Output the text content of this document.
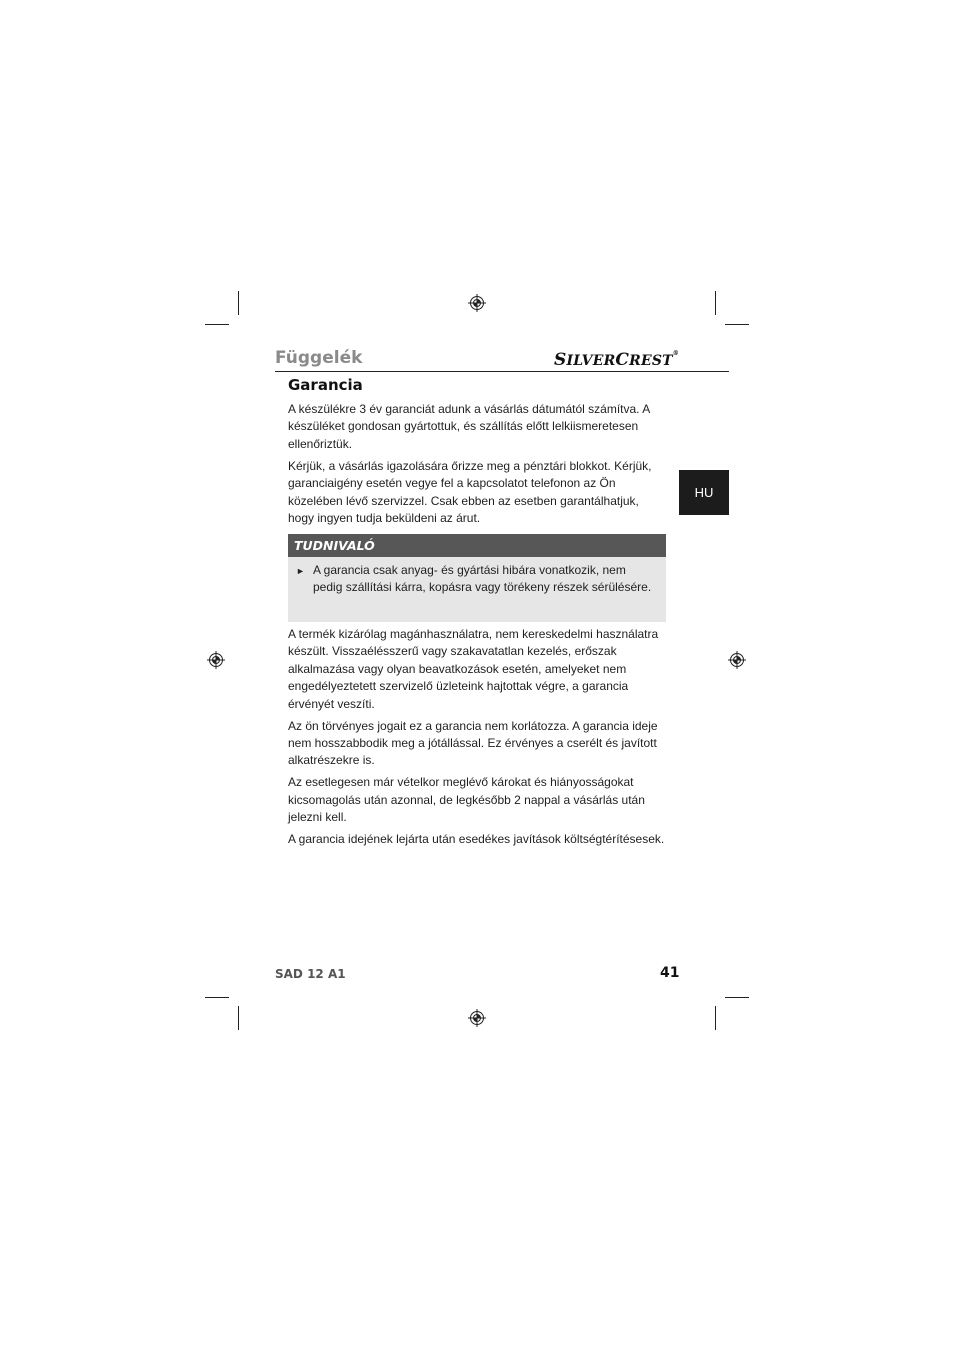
Függelék	SILVERCREST®
Garancia
HU

A készülékre 3 év garanciát adunk a vásárlás dátumától számítva. A készüléket gondosan gyártottuk, és szállítás előtt lelkiismeretesen ellenőriztük.

Kérjük, a vásárlás igazolására őrizze meg a pénztári blokkot. Kérjük, garanciaigény esetén vegye fel a kapcsolatot telefonon az Ön közelében lévő szervizzel. Csak ebben az esetben garantálhatjuk, hogy ingyen tudja beküldeni az árut.

TUDNIVALÓ
► A garancia csak anyag- és gyártási hibára vonatkozik, nem pedig szállítási kárra, kopásra vagy törékeny részek sérülésére.

A termék kizárólag magánhasználatra, nem kereskedelmi használatra készült. Visszaélésszerű vagy szakavatatlan kezelés, erőszak alkalmazása vagy olyan beavatkozások esetén, amelyeket nem engedélyeztetett szervizelő üzleteink hajtottak végre, a garancia érvényét veszíti.

Az ön törvényes jogait ez a garancia nem korlátozza. A garancia ideje nem hosszabbodik meg a jótállással. Ez érvényes a cserélt és javított alkatrészekre is.

Az esetlegesen már vételkor meglévő károkat és hiányosságokat kicsomagolás után azonnal, de legkésőbb 2 nappal a vásárlás után jelezni kell.

A garancia idejének lejárta után esedékes javítások költségtérítésesek.

SAD 12 A1	41
